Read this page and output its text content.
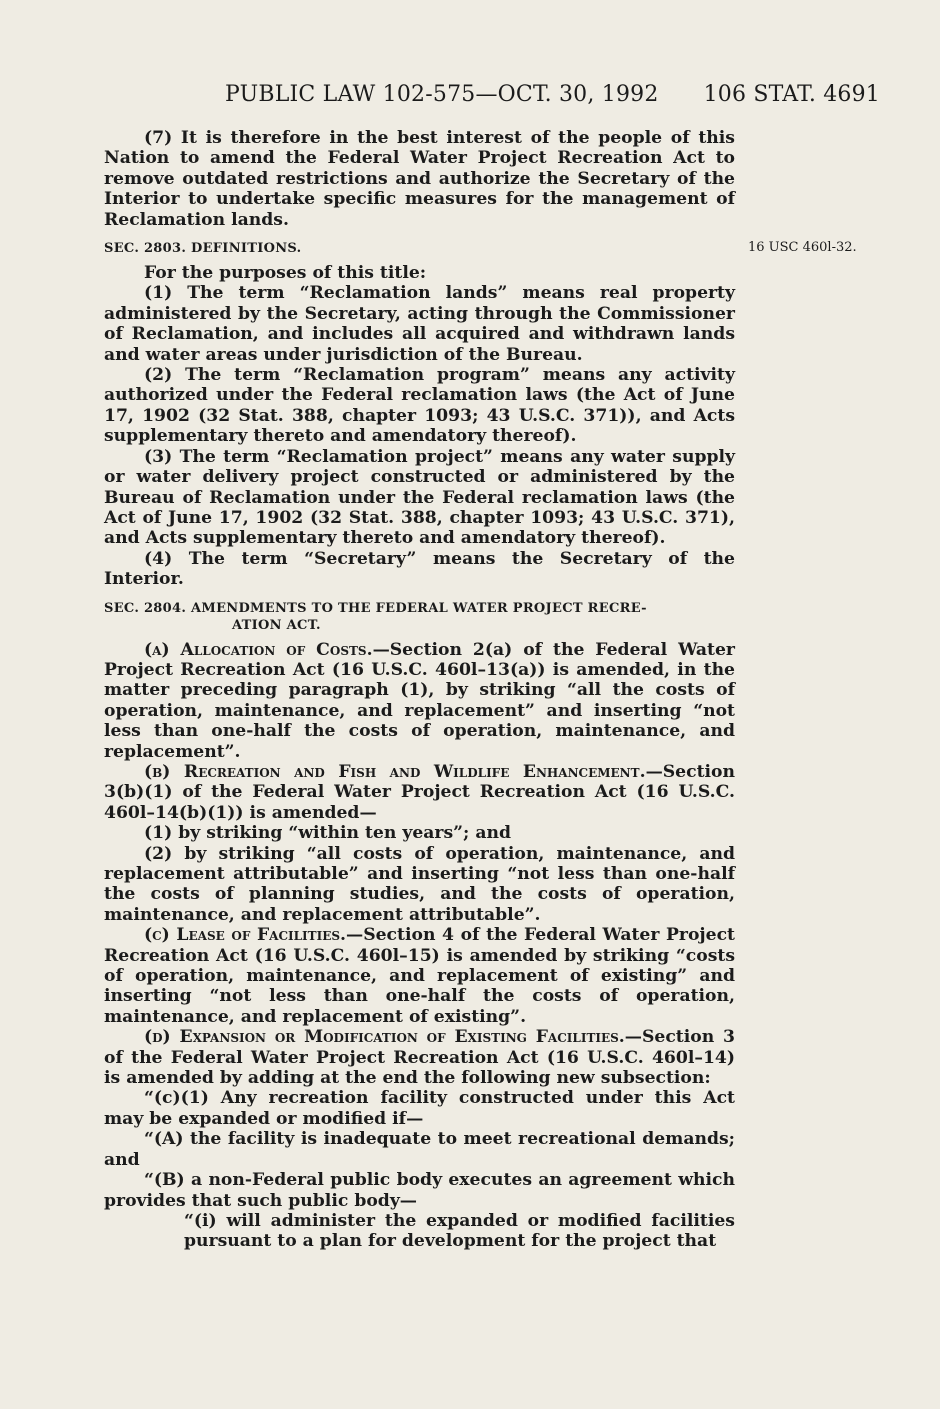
PUBLIC LAW 102-575—OCT. 30, 1992 106 STAT. 4691
16 USC 460l-32.

(7) It is therefore in the best interest of the people of this Nation to amend the Federal Water Project Recreation Act to remove outdated restrictions and authorize the Secretary of the Interior to undertake specific measures for the management of Reclamation lands.

SEC. 2803. DEFINITIONS.

For the purposes of this title:

(1) The term “Reclamation lands” means real property administered by the Secretary, acting through the Commissioner of Reclamation, and includes all acquired and withdrawn lands and water areas under jurisdiction of the Bureau.

(2) The term “Reclamation program” means any activity authorized under the Federal reclamation laws (the Act of June 17, 1902 (32 Stat. 388, chapter 1093; 43 U.S.C. 371)), and Acts supplementary thereto and amendatory thereof).

(3) The term “Reclamation project” means any water supply or water delivery project constructed or administered by the Bureau of Reclamation under the Federal reclamation laws (the Act of June 17, 1902 (32 Stat. 388, chapter 1093; 43 U.S.C. 371), and Acts supplementary thereto and amendatory thereof).

(4) The term “Secretary” means the Secretary of the Interior.

SEC. 2804. AMENDMENTS TO THE FEDERAL WATER PROJECT RECRE-
ATION ACT.

(a) Allocation of Costs.—Section 2(a) of the Federal Water Project Recreation Act (16 U.S.C. 460l–13(a)) is amended, in the matter preceding paragraph (1), by striking “all the costs of operation, maintenance, and replacement” and inserting “not less than one-half the costs of operation, maintenance, and replacement”.

(b) Recreation and Fish and Wildlife Enhancement.—Section 3(b)(1) of the Federal Water Project Recreation Act (16 U.S.C. 460l–14(b)(1)) is amended—

(1) by striking “within ten years”; and

(2) by striking “all costs of operation, maintenance, and replacement attributable” and inserting “not less than one-half the costs of planning studies, and the costs of operation, maintenance, and replacement attributable”.

(c) Lease of Facilities.—Section 4 of the Federal Water Project Recreation Act (16 U.S.C. 460l–15) is amended by striking “costs of operation, maintenance, and replacement of existing” and inserting “not less than one-half the costs of operation, maintenance, and replacement of existing”.

(d) Expansion or Modification of Existing Facilities.—Section 3 of the Federal Water Project Recreation Act (16 U.S.C. 460l–14) is amended by adding at the end the following new subsection:

“(c)(1) Any recreation facility constructed under this Act may be expanded or modified if—

“(A) the facility is inadequate to meet recreational demands; and

“(B) a non-Federal public body executes an agreement which provides that such public body—

“(i) will administer the expanded or modified facilities pursuant to a plan for development for the project that
